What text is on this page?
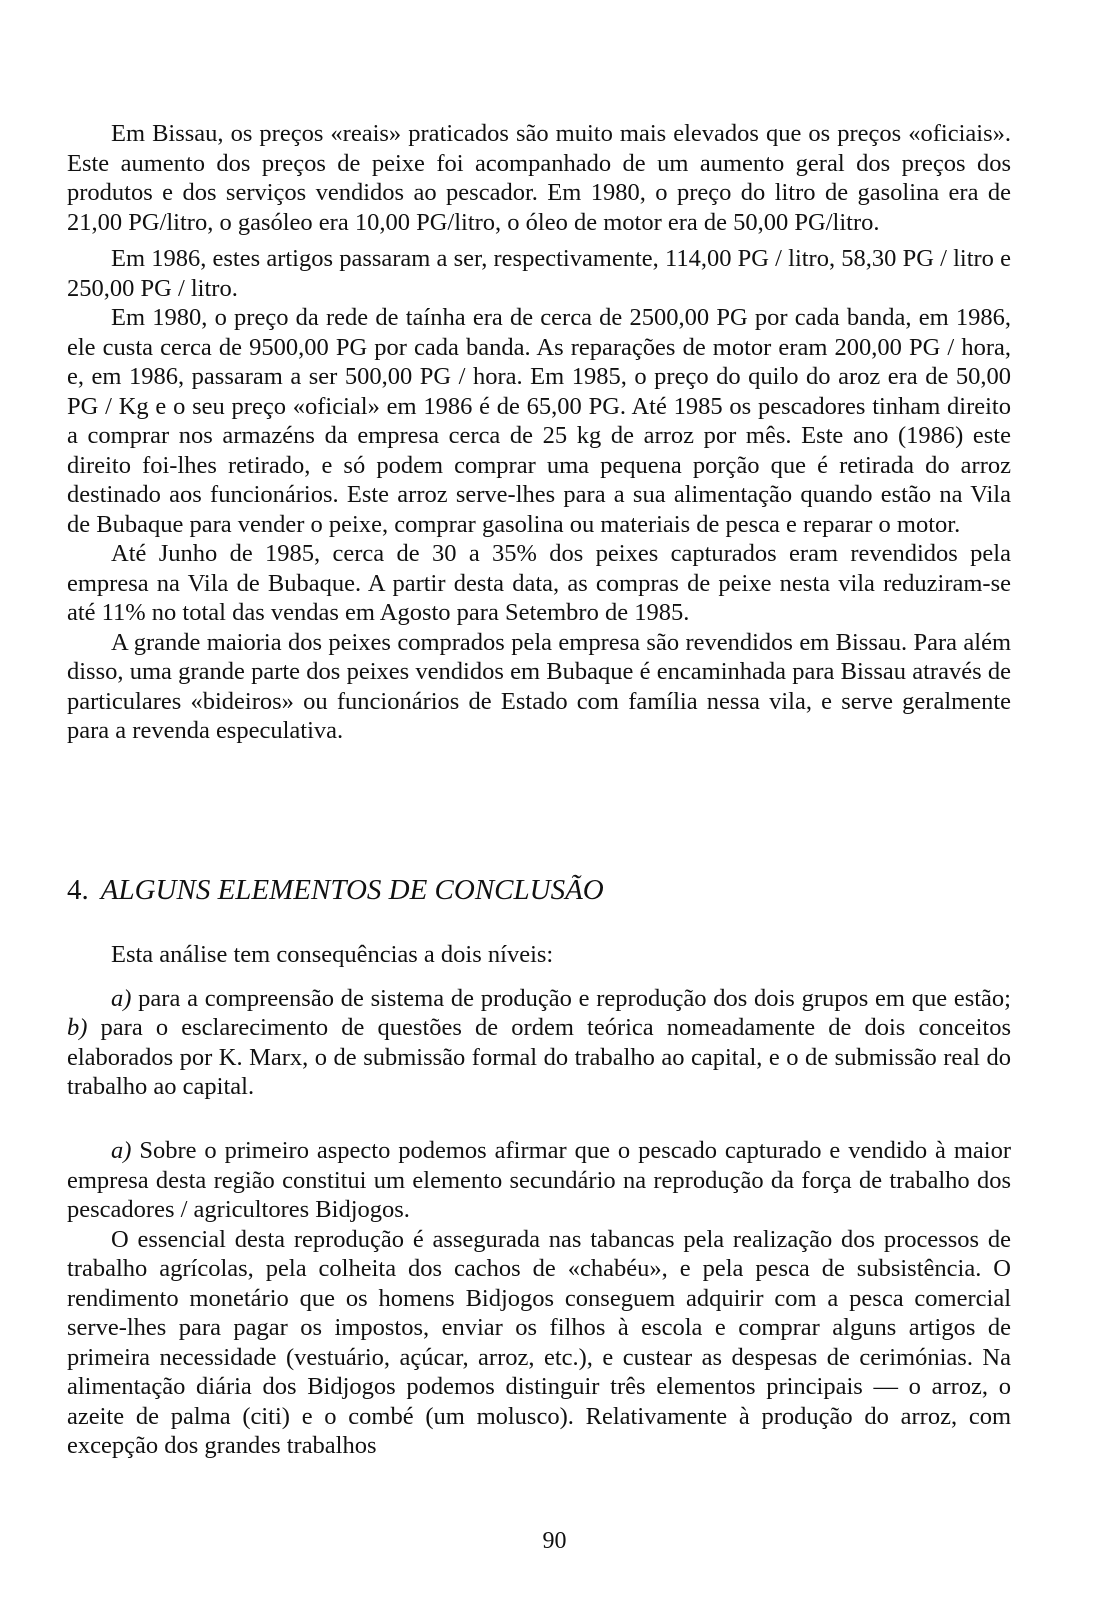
Em Bissau, os preços «reais» praticados são muito mais elevados que os preços «oficiais». Este aumento dos preços de peixe foi acompanhado de um aumento geral dos preços dos produtos e dos serviços vendidos ao pescador. Em 1980, o preço do litro de gasolina era de 21,00 PG/litro, o gasóleo era 10,00 PG/litro, o óleo de motor era de 50,00 PG/litro.

Em 1986, estes artigos passaram a ser, respectivamente, 114,00 PG / litro, 58,30 PG / litro e 250,00 PG / litro.

Em 1980, o preço da rede de taínha era de cerca de 2500,00 PG por cada banda, em 1986, ele custa cerca de 9500,00 PG por cada banda. As reparações de motor eram 200,00 PG / hora, e, em 1986, passaram a ser 500,00 PG / hora. Em 1985, o preço do quilo do aroz era de 50,00 PG / Kg e o seu preço «oficial» em 1986 é de 65,00 PG. Até 1985 os pescadores tinham direito a comprar nos armazéns da empresa cerca de 25 kg de arroz por mês. Este ano (1986) este direito foi-lhes retirado, e só podem comprar uma pequena porção que é retirada do arroz destinado aos funcionários. Este arroz serve-lhes para a sua alimentação quando estão na Vila de Bubaque para vender o peixe, comprar gasolina ou materiais de pesca e reparar o motor.

Até Junho de 1985, cerca de 30 a 35% dos peixes capturados eram revendidos pela empresa na Vila de Bubaque. A partir desta data, as compras de peixe nesta vila reduziram-se até 11% no total das vendas em Agosto para Setembro de 1985.

A grande maioria dos peixes comprados pela empresa são revendidos em Bissau. Para além disso, uma grande parte dos peixes vendidos em Bubaque é encaminhada para Bissau através de particulares «bideiros» ou funcionários de Estado com família nessa vila, e serve geralmente para a revenda especulativa.

4. ALGUNS ELEMENTOS DE CONCLUSÃO

Esta análise tem consequências a dois níveis:

a) para a compreensão de sistema de produção e reprodução dos dois grupos em que estão; b) para o esclarecimento de questões de ordem teórica nomeadamente de dois conceitos elaborados por K. Marx, o de submissão formal do trabalho ao capital, e o de submissão real do trabalho ao capital.

a) Sobre o primeiro aspecto podemos afirmar que o pescado capturado e vendido à maior empresa desta região constitui um elemento secundário na reprodução da força de trabalho dos pescadores / agricultores Bidjogos.

O essencial desta reprodução é assegurada nas tabancas pela realização dos processos de trabalho agrícolas, pela colheita dos cachos de «chabéu», e pela pesca de subsistência. O rendimento monetário que os homens Bidjogos conseguem adquirir com a pesca comercial serve-lhes para pagar os impostos, enviar os filhos à escola e comprar alguns artigos de primeira necessidade (vestuário, açúcar, arroz, etc.), e custear as despesas de cerimónias. Na alimentação diária dos Bidjogos podemos distinguir três elementos principais — o arroz, o azeite de palma (citi) e o combé (um molusco). Relativamente à produção do arroz, com excepção dos grandes trabalhos

90
